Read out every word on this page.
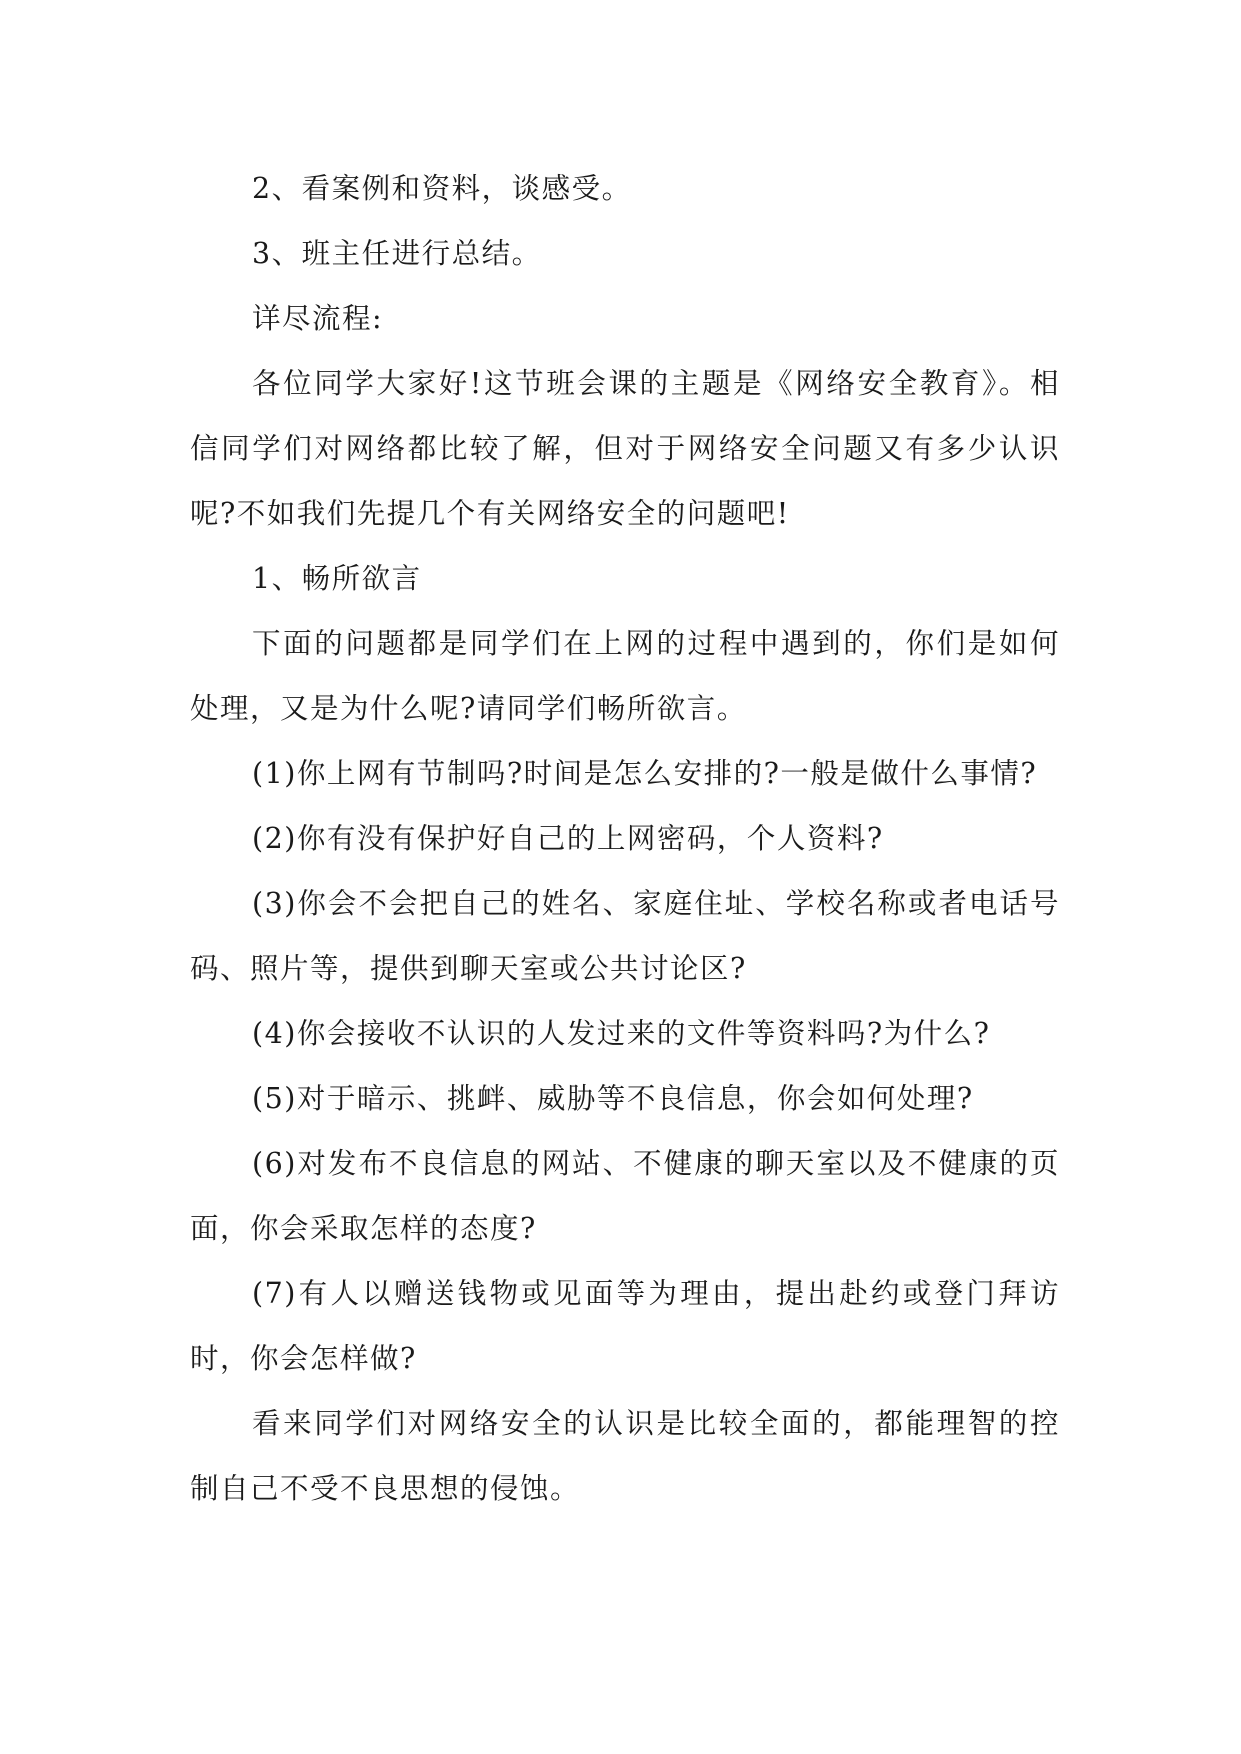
2、看案例和资料，谈感受。

3、班主任进行总结。

详尽流程:

各位同学大家好!这节班会课的主题是《网络安全教育》。相信同学们对网络都比较了解，但对于网络安全问题又有多少认识呢?不如我们先提几个有关网络安全的问题吧!

1、畅所欲言

下面的问题都是同学们在上网的过程中遇到的，你们是如何处理，又是为什么呢?请同学们畅所欲言。

(1)你上网有节制吗?时间是怎么安排的?一般是做什么事情?

(2)你有没有保护好自己的上网密码，个人资料?

(3)你会不会把自己的姓名、家庭住址、学校名称或者电话号码、照片等，提供到聊天室或公共讨论区?

(4)你会接收不认识的人发过来的文件等资料吗?为什么?

(5)对于暗示、挑衅、威胁等不良信息，你会如何处理?

(6)对发布不良信息的网站、不健康的聊天室以及不健康的页面，你会采取怎样的态度?

(7)有人以赠送钱物或见面等为理由，提出赴约或登门拜访时，你会怎样做?

看来同学们对网络安全的认识是比较全面的，都能理智的控制自己不受不良思想的侵蚀。
